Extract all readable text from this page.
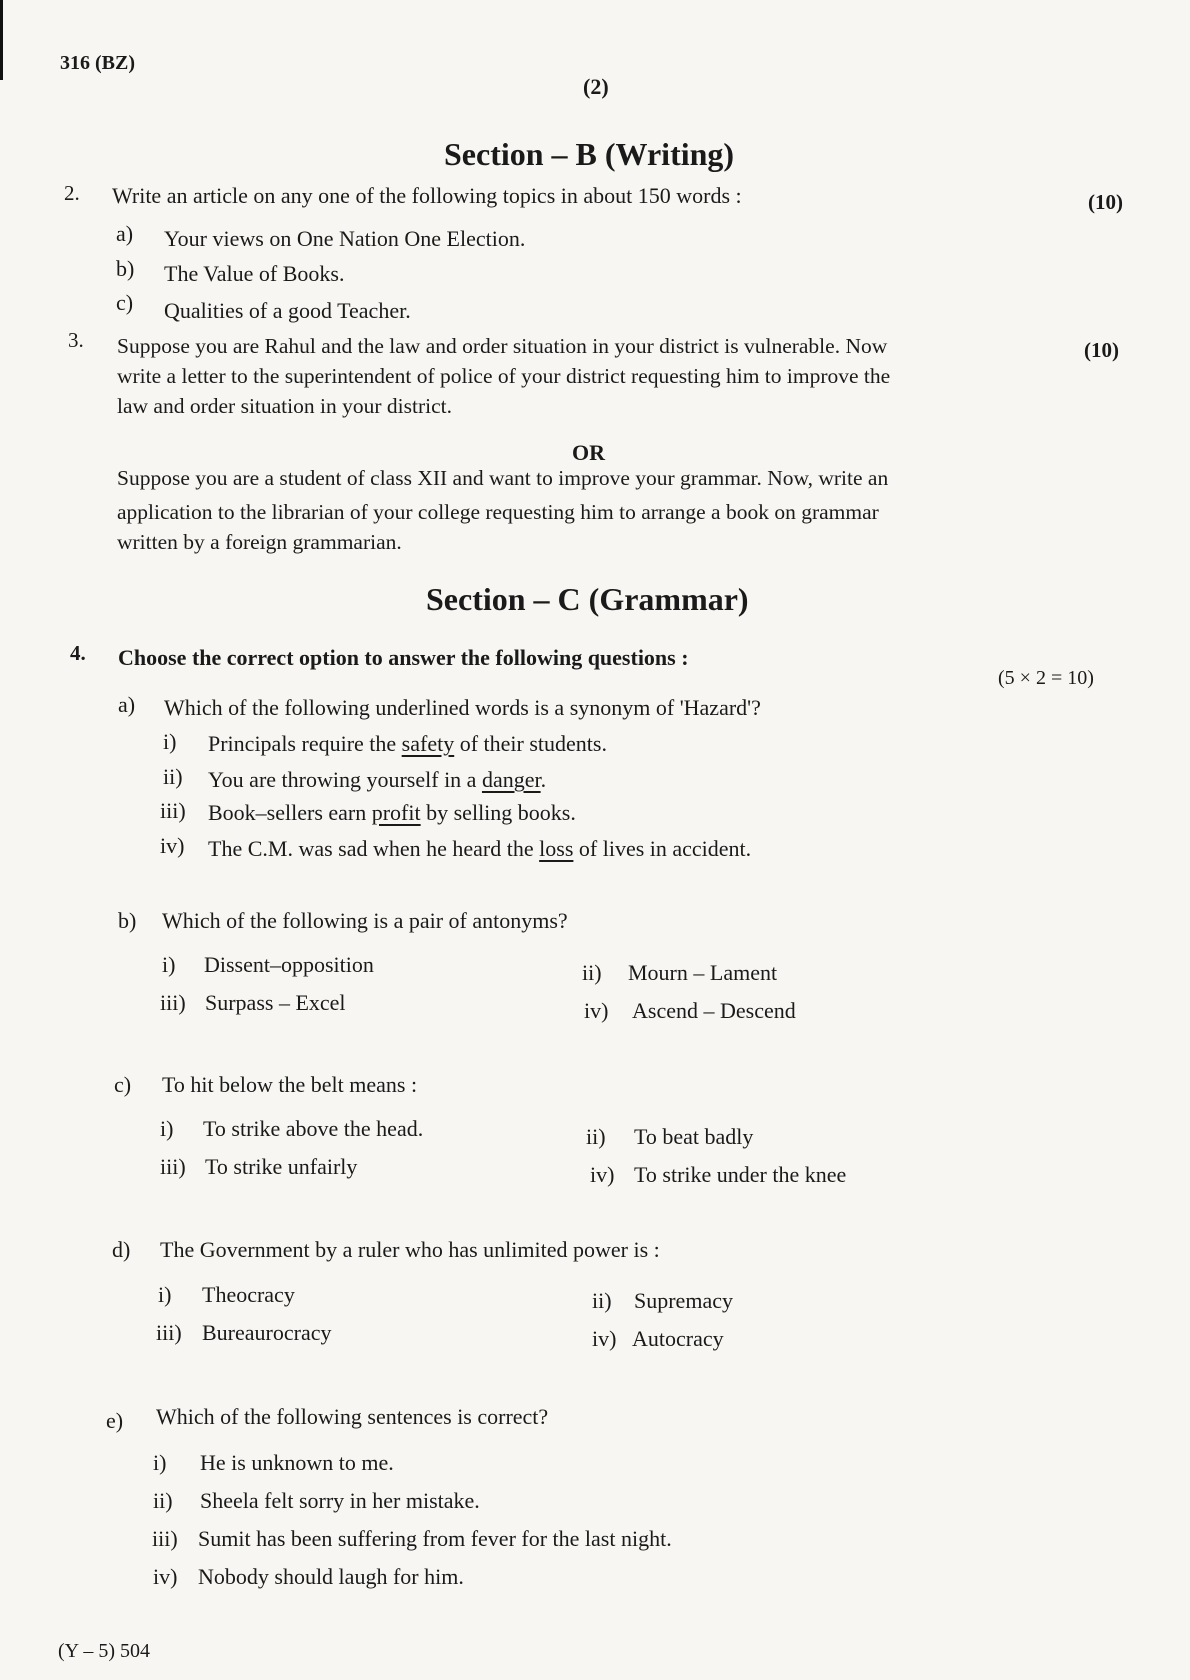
316 (BZ)
(2)
Section – B (Writing)
2. Write an article on any one of the following topics in about 150 words :	(10)
a) Your views on One Nation One Election.
b) The Value of Books.
c) Qualities of a good Teacher.
3.	(10)
Suppose you are Rahul and the law and order situation in your district is vulnerable. Now
write a letter to the superintendent of police of your district requesting him to improve the
law and order situation in your district.
OR
Suppose you are a student of class XII and want to improve your grammar. Now, write an
application to the librarian of your college requesting him to arrange a book on grammar
written by a foreign grammarian.
Section – C (Grammar)
4. Choose the correct option to answer the following questions :
(5 × 2 = 10)
a) Which of the following underlined words is a synonym of 'Hazard'?
i) Principals require the safety of their students.
ii) You are throwing yourself in a danger.
iii) Book–sellers earn profit by selling books.
iv) The C.M. was sad when he heard the loss of lives in accident.
b) Which of the following is a pair of antonyms?
i) Dissent–opposition	ii) Mourn – Lament
iii) Surpass – Excel	iv) Ascend – Descend
c) To hit below the belt means :
i) To strike above the head.	ii) To beat badly
iii) To strike unfairly	iv) To strike under the knee
d) The Government by a ruler who has unlimited power is :
i) Theocracy	ii) Supremacy
iii) Bureaurocracy	iv) Autocracy
e) Which of the following sentences is correct?
i) He is unknown to me.
ii) Sheela felt sorry in her mistake.
iii) Sumit has been suffering from fever for the last night.
iv) Nobody should laugh for him.
(Y – 5) 504
